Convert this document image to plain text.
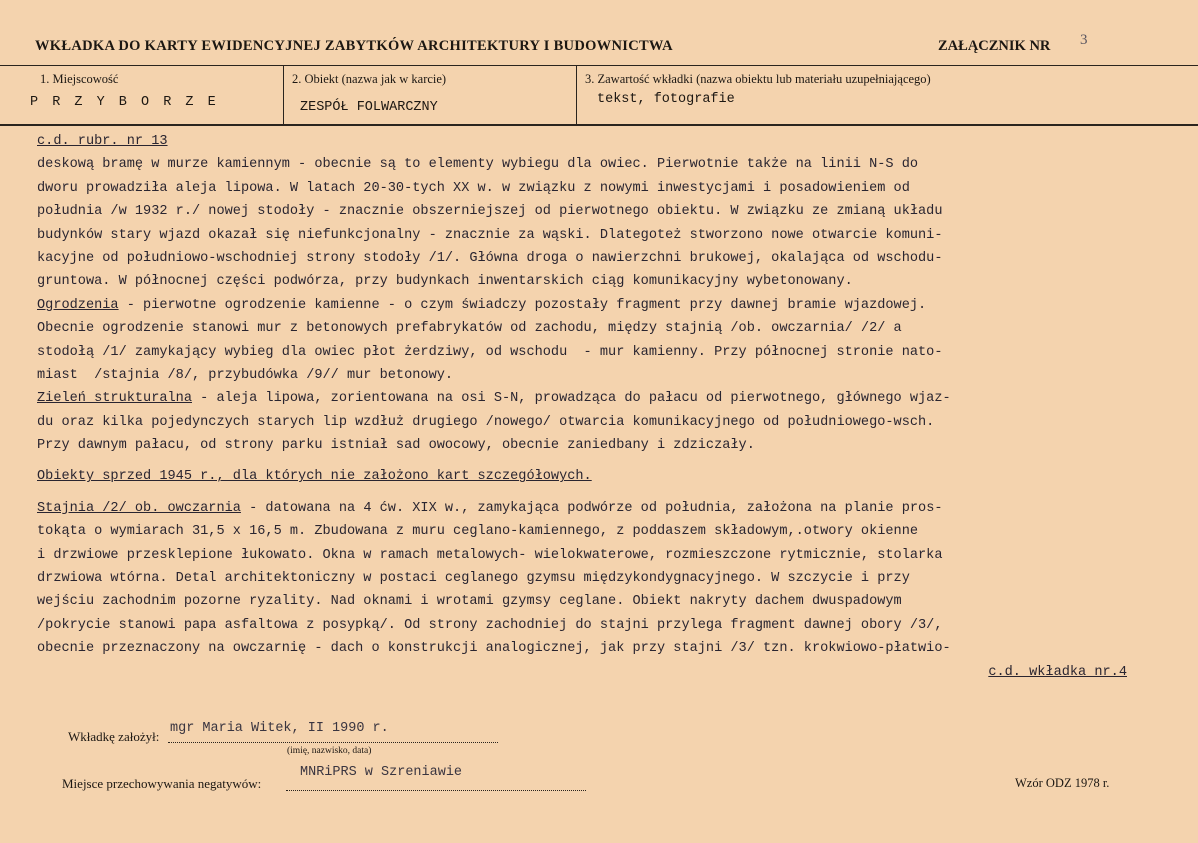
WKŁADKA DO KARTY EWIDENCYJNEJ ZABYTKÓW ARCHITEKTURY I BUDOWNICTWA	ZAŁĄCZNIK NR 3
1. Miejscowość
P R Z Y B O R Z E
2. Obiekt (nazwa jak w karcie)
ZESPÓŁ FOLWARCZNY
3. Zawartość wkładki (nazwa obiektu lub materiału uzupełniającego)
tekst, fotografie
c.d. rubr. nr 13
deskową bramę w murze kamiennym - obecnie są to elementy wybiegu dla owiec. Pierwotnie także na linii N-S do
dworu prowadziła aleja lipowa. W latach 20-30-tych XX w. w związku z nowymi inwestycjami i posadowieniem od
południa /w 1932 r./ nowej stodoły - znacznie obszerniejszej od pierwotnego obiektu. W związku ze zmianą układu
budynków stary wjazd okazał się niefunkcjonalny - znacznie za wąski. Dlategoteż stworzono nowe otwarcie komuni-
kacyjne od południowo-wschodniej strony stodoły /1/. Główna droga o nawierzchni brukowej, okalająca od wschodu-
gruntowa. W północnej części podwórza, przy budynkach inwentarskich ciąg komunikacyjny wybetonowany.
Ogrodzenia - pierwotne ogrodzenie kamienne - o czym świadczy pozostały fragment przy dawnej bramie wjazdowej.
Obecnie ogrodzenie stanowi mur z betonowych prefabrykatów od zachodu, między stajnią /ob. owczarnia/ /2/ a
stodołą /1/ zamykający wybieg dla owiec płot żerdziwy, od wschodu  - mur kamienny. Przy północnej stronie nato-
miast  /stajnia /8/, przybudówka /9// mur betonowy.
Zieleń strukturalna - aleja lipowa, zorientowana na osi S-N, prowadząca do pałacu od pierwotnego, głównego wjaz-
du oraz kilka pojedynczych starych lip wzdłuż drugiego /nowego/ otwarcia komunikacyjnego od południowego-wsch.
Przy dawnym pałacu, od strony parku istniał sad owocowy, obecnie zaniedbany i zdziczały.
Obiekty sprzed 1945 r., dla których nie założono kart szczegółowych.
Stajnia /2/ ob. owczarnia - datowana na 4 ćw. XIX w., zamykająca podwórze od południa, założona na planie pros-
tokąta o wymiarach 31,5 x 16,5 m. Zbudowana z muru ceglano-kamiennego, z poddaszem składowym,.otwory okienne
i drzwiowe przesklepione łukowato. Okna w ramach metalowych- wielokwaterowe, rozmieszczone rytmicznie, stolarka
drzwiowa wtórna. Detal architektoniczny w postaci ceglanego gzymsu międzykondygnacyjnego. W szczycie i przy
wejściu zachodnim pozorne ryzality. Nad oknami i wrotami gzymsy ceglane. Obiekt nakryty dachem dwuspadowym
/pokrycie stanowi papa asfaltowa z posypką/. Od strony zachodniej do stajni przylega fragment dawnej obory /3/,
obecnie przeznaczony na owczarnię - dach o konstrukcji analogicznej, jak przy stajni /3/ tzn. krokwiowo-płatwio-
c.d. wkładka nr.4
Wkładkę założył:
mgr Maria Witek, II 1990 r.
(imię, nazwisko, data)
Miejsce przechowywania negatywów:
MNRiPRS w Szreniawie
Wzór ODZ 1978 r.
